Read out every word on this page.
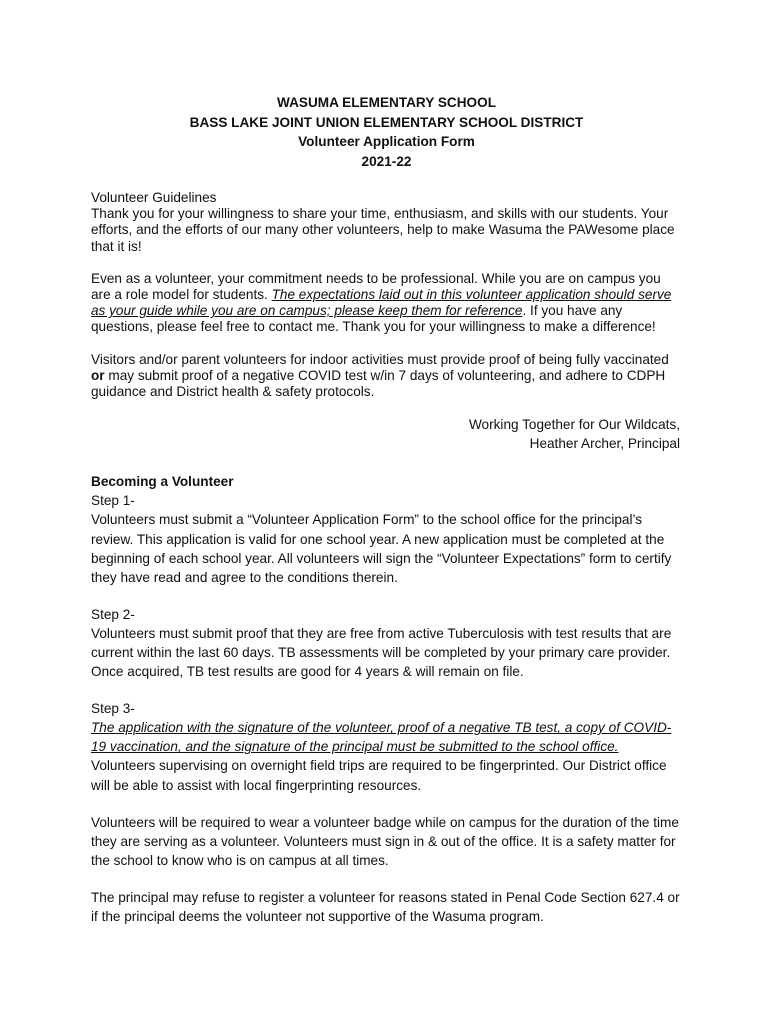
WASUMA ELEMENTARY SCHOOL
BASS LAKE JOINT UNION ELEMENTARY SCHOOL DISTRICT
Volunteer Application Form
2021-22
Volunteer Guidelines
Thank you for your willingness to share your time, enthusiasm, and skills with our students. Your efforts, and the efforts of our many other volunteers, help to make Wasuma the PAWesome place that it is!
Even as a volunteer, your commitment needs to be professional. While you are on campus you are a role model for students. The expectations laid out in this volunteer application should serve as your guide while you are on campus; please keep them for reference. If you have any questions, please feel free to contact me. Thank you for your willingness to make a difference!
Visitors and/or parent volunteers for indoor activities must provide proof of being fully vaccinated or may submit proof of a negative COVID test w/in 7 days of volunteering, and adhere to CDPH guidance and District health & safety protocols.
Working Together for Our Wildcats,
Heather Archer, Principal
Becoming a Volunteer
Step 1-
Volunteers must submit a “Volunteer Application Form” to the school office for the principal’s review. This application is valid for one school year. A new application must be completed at the beginning of each school year. All volunteers will sign the “Volunteer Expectations” form to certify they have read and agree to the conditions therein.
Step 2-
Volunteers must submit proof that they are free from active Tuberculosis with test results that are current within the last 60 days. TB assessments will be completed by your primary care provider. Once acquired, TB test results are good for 4 years & will remain on file.
Step 3-
The application with the signature of the volunteer, proof of a negative TB test, a copy of COVID-19 vaccination, and the signature of the principal must be submitted to the school office.
Volunteers supervising on overnight field trips are required to be fingerprinted. Our District office will be able to assist with local fingerprinting resources.
Volunteers will be required to wear a volunteer badge while on campus for the duration of the time they are serving as a volunteer. Volunteers must sign in & out of the office. It is a safety matter for the school to know who is on campus at all times.
The principal may refuse to register a volunteer for reasons stated in Penal Code Section 627.4 or if the principal deems the volunteer not supportive of the Wasuma program.
